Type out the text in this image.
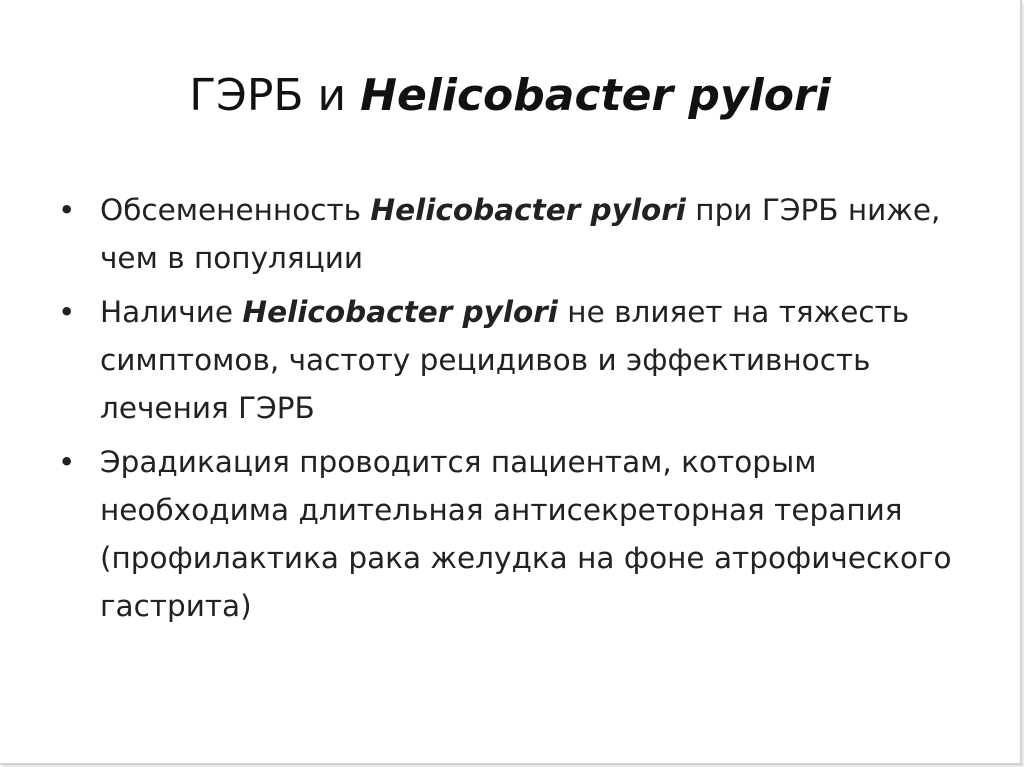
ГЭРБ и Helicobacter pylori
• Обсемененность Helicobacter pylori при ГЭРБ ниже, чем в популяции
• Наличие Helicobacter pylori не влияет на тяжесть симптомов, частоту рецидивов и эффективность лечения ГЭРБ
• Эрадикация проводится пациентам, которым необходима длительная антисекреторная терапия (профилактика рака желудка на фоне атрофического гастрита)
